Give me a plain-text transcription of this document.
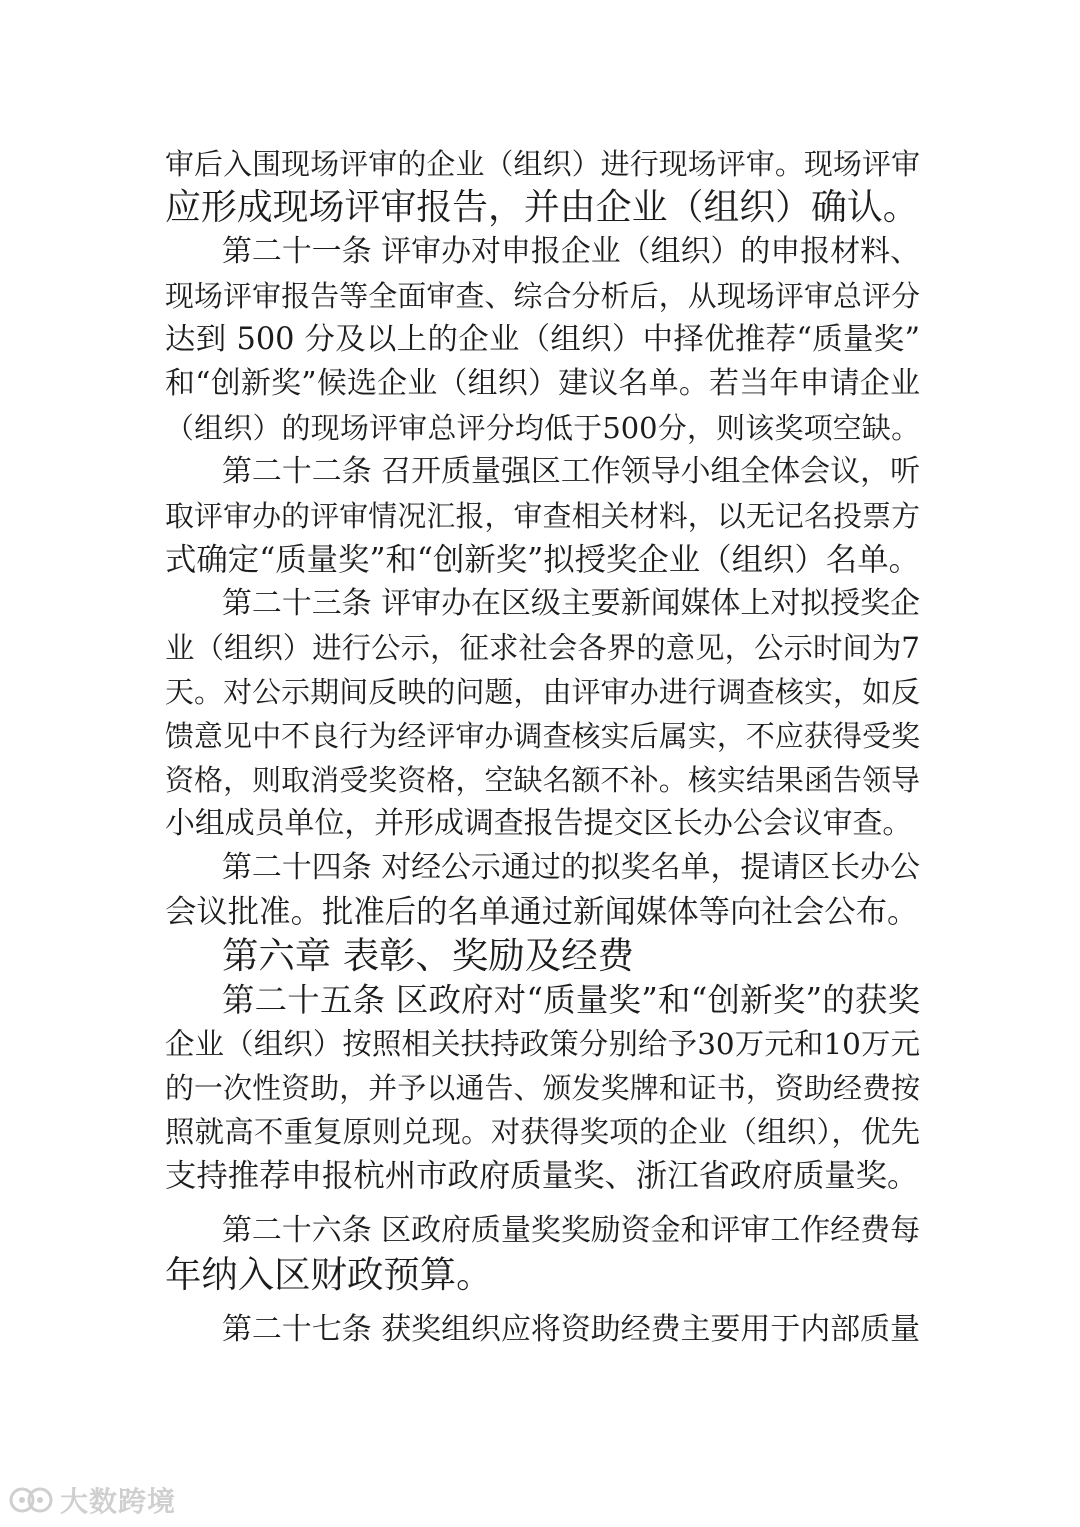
审后入围现场评审的企业（组织）进行现场评审。现场评审
应形成现场评审报告，并由企业（组织）确认。
第二十一条 评审办对申报企业（组织）的申报材料、
现场评审报告等全面审查、综合分析后，从现场评审总评分
达到 500 分及以上的企业（组织）中择优推荐“质量奖”
和“创新奖”候选企业（组织）建议名单。若当年申请企业
（组织）的现场评审总评分均低于500分，则该奖项空缺。
第二十二条 召开质量强区工作领导小组全体会议，听
取评审办的评审情况汇报，审查相关材料，以无记名投票方
式确定“质量奖”和“创新奖”拟授奖企业（组织）名单。
第二十三条 评审办在区级主要新闻媒体上对拟授奖企
业（组织）进行公示，征求社会各界的意见，公示时间为7
天。对公示期间反映的问题，由评审办进行调查核实，如反
馈意见中不良行为经评审办调查核实后属实，不应获得受奖
资格，则取消受奖资格，空缺名额不补。核实结果函告领导
小组成员单位，并形成调查报告提交区长办公会议审查。
第二十四条 对经公示通过的拟奖名单，提请区长办公
会议批准。批准后的名单通过新闻媒体等向社会公布。
第六章 表彰、奖励及经费
第二十五条 区政府对“质量奖”和“创新奖”的获奖
企业（组织）按照相关扶持政策分别给予30万元和10万元
的一次性资助，并予以通告、颁发奖牌和证书，资助经费按
照就高不重复原则兑现。对获得奖项的企业（组织），优先
支持推荐申报杭州市政府质量奖、浙江省政府质量奖。
第二十六条 区政府质量奖奖励资金和评审工作经费每
年纳入区财政预算。
第二十七条 获奖组织应将资助经费主要用于内部质量
大数跨境
